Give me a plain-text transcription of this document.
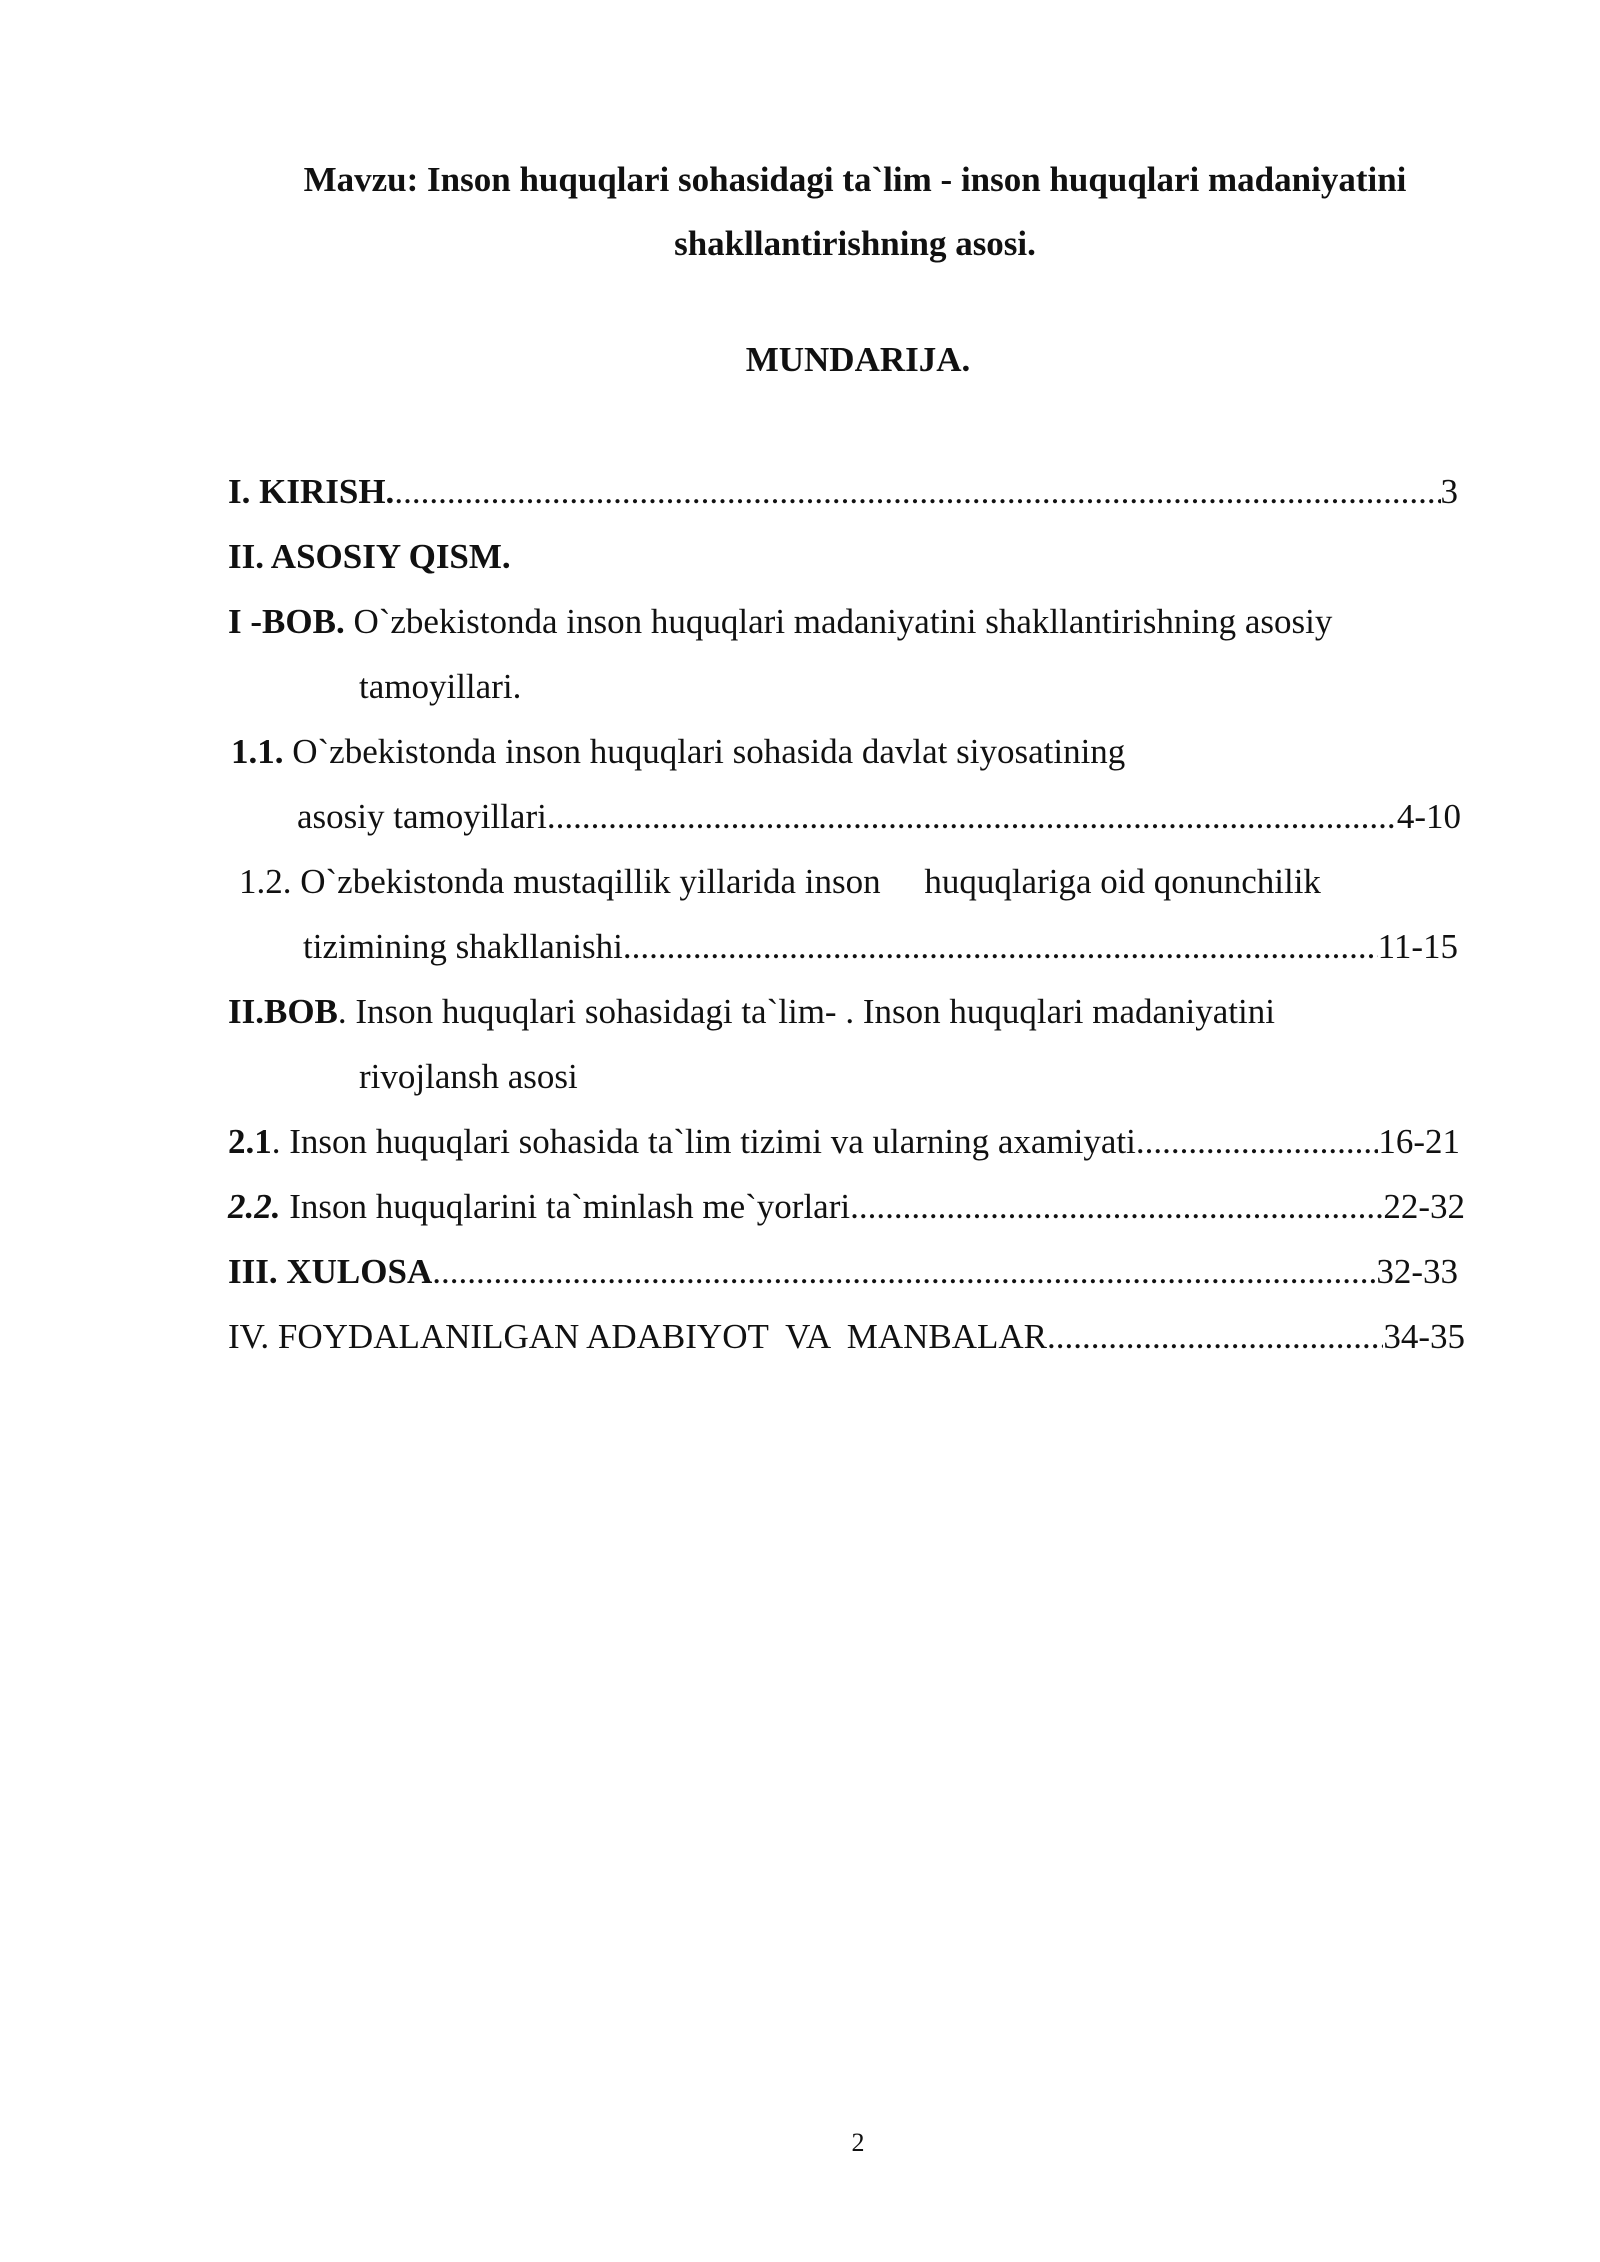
Mavzu: Inson huquqlari sohasidagi ta`lim - inson huquqlari madaniyatini
shakllantirishning asosi.
MUNDARIJA.
I. KIRISH. .....	3
II. ASOSIY QISM.
I -BOB. O`zbekistonda inson huquqlari madaniyatini shakllantirishning asosiy
tamoyillari.
1.1. O`zbekistonda inson huquqlari sohasida davlat siyosatining
asosiy tamoyillari .....	4-10
1.2. O`zbekistonda mustaqillik yillarida inson     huquqlariga oid qonunchilik
tizimining shakllanishi .....	11-15
II.BOB. Inson huquqlari sohasidagi ta`lim- . Inson huquqlari madaniyatini
rivojlansh asosi
2.1 . Inson huquqlari sohasida ta`lim tizimi va ularning axamiyati .....	16-21
2.2. Inson huquqlarini ta`minlash me`yorlari .....	22-32
III. XULOSA .....	32-33
IV. FOYDALANILGAN ADABIYOT  VA  MANBALAR .....	34-35
2
